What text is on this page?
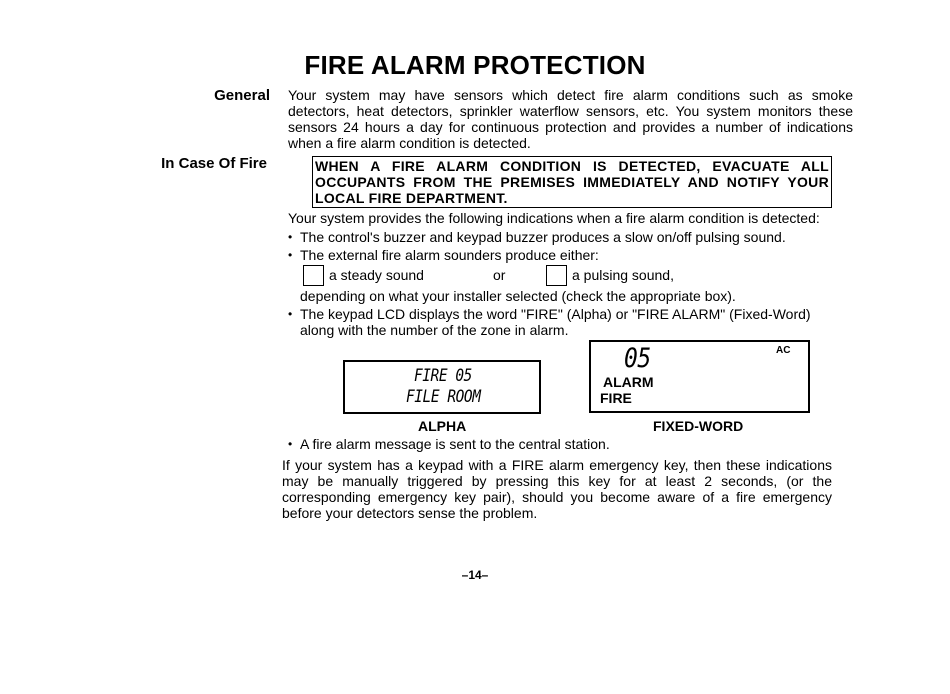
FIRE ALARM PROTECTION
General Your system may have sensors which detect fire alarm conditions such as smoke detectors, heat detectors, sprinkler waterflow sensors, etc. You system monitors these sensors 24 hours a day for continuous protection and provides a number of indications when a fire alarm condition is detected.
In Case Of Fire	WHEN A FIRE ALARM CONDITION IS DETECTED, EVACUATE ALL OCCUPANTS FROM THE PREMISES IMMEDIATELY AND NOTIFY YOUR LOCAL FIRE DEPARTMENT.
Your system provides the following indications when a fire alarm condition is detected:
• The control's buzzer and keypad buzzer produces a slow on/off pulsing sound.
• The external fire alarm sounders produce either:
a steady sound	or	a pulsing sound,
depending on what your installer selected (check the appropriate box).
• The keypad LCD displays the word "FIRE" (Alpha) or "FIRE ALARM" (Fixed-Word)
along with the number of the zone in alarm.
FIRE 05
FILE ROOM
ALPHA
05	AC
ALARM
FIRE
FIXED-WORD
• A fire alarm message is sent to the central station.
If your system has a keypad with a FIRE alarm emergency key, then these indications may be manually triggered by pressing this key for at least 2 seconds, (or the corresponding emergency key pair), should you become aware of a fire emergency before your detectors sense the problem.
–14–
